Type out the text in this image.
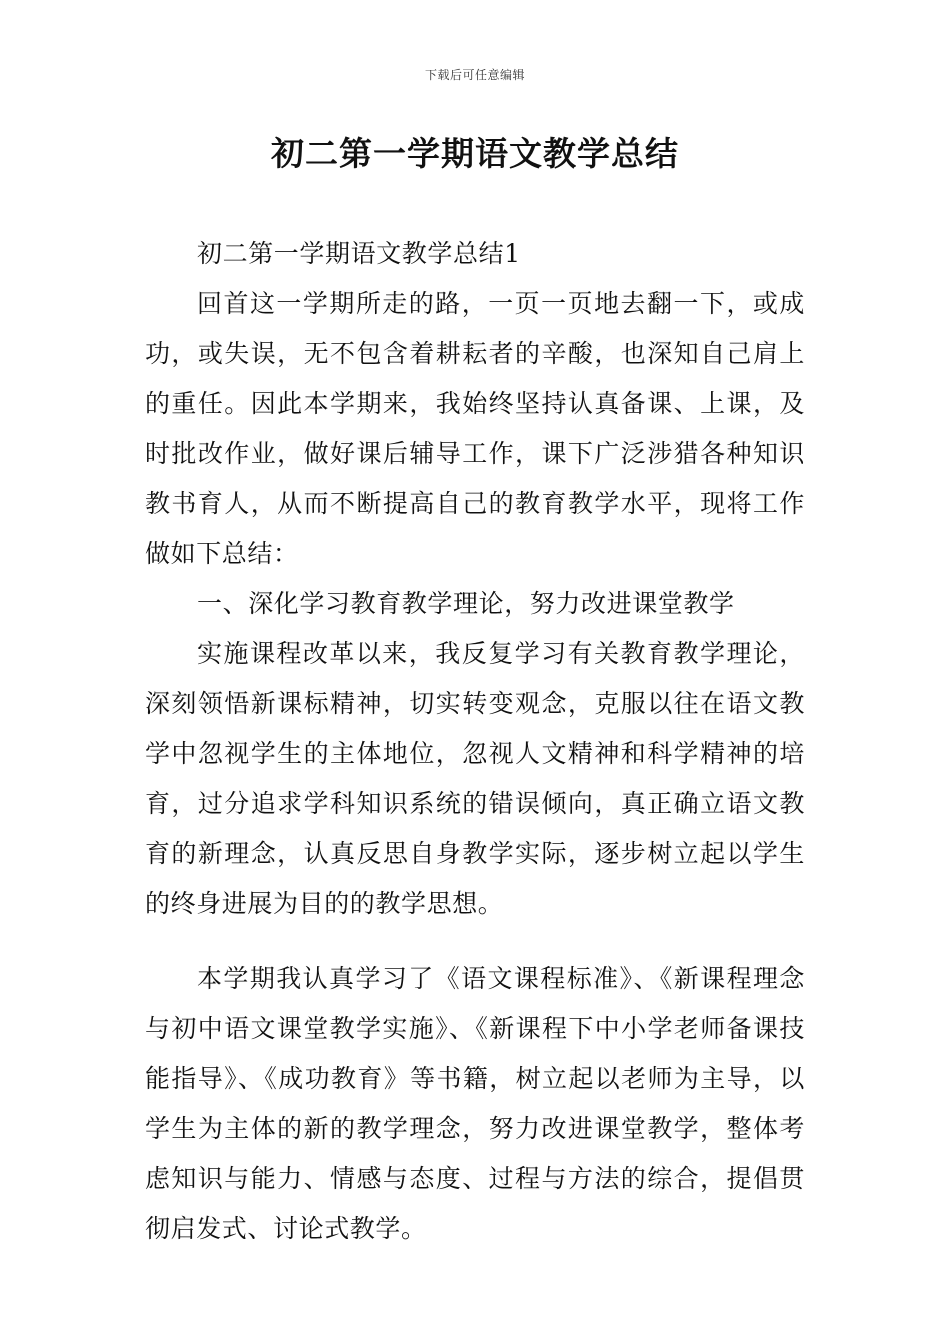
下载后可任意编辑
初二第一学期语文教学总结

初二第一学期语文教学总结1

回首这一学期所走的路，一页一页地去翻一下，或成功，或失误，无不包含着耕耘者的辛酸，也深知自己肩上的重任。因此本学期来，我始终坚持认真备课、上课，及时批改作业，做好课后辅导工作，课下广泛涉猎各种知识教书育人，从而不断提高自己的教育教学水平，现将工作做如下总结：

一、深化学习教育教学理论，努力改进课堂教学

实施课程改革以来，我反复学习有关教育教学理论，深刻领悟新课标精神，切实转变观念，克服以往在语文教学中忽视学生的主体地位，忽视人文精神和科学精神的培育，过分追求学科知识系统的错误倾向，真正确立语文教育的新理念，认真反思自身教学实际，逐步树立起以学生的终身进展为目的的教学思想。

本学期我认真学习了《语文课程标准》、《新课程理念与初中语文课堂教学实施》、《新课程下中小学老师备课技能指导》、《成功教育》等书籍，树立起以老师为主导，以学生为主体的新的教学理念，努力改进课堂教学，整体考虑知识与能力、情感与态度、过程与方法的综合，提倡贯彻启发式、讨论式教学。
